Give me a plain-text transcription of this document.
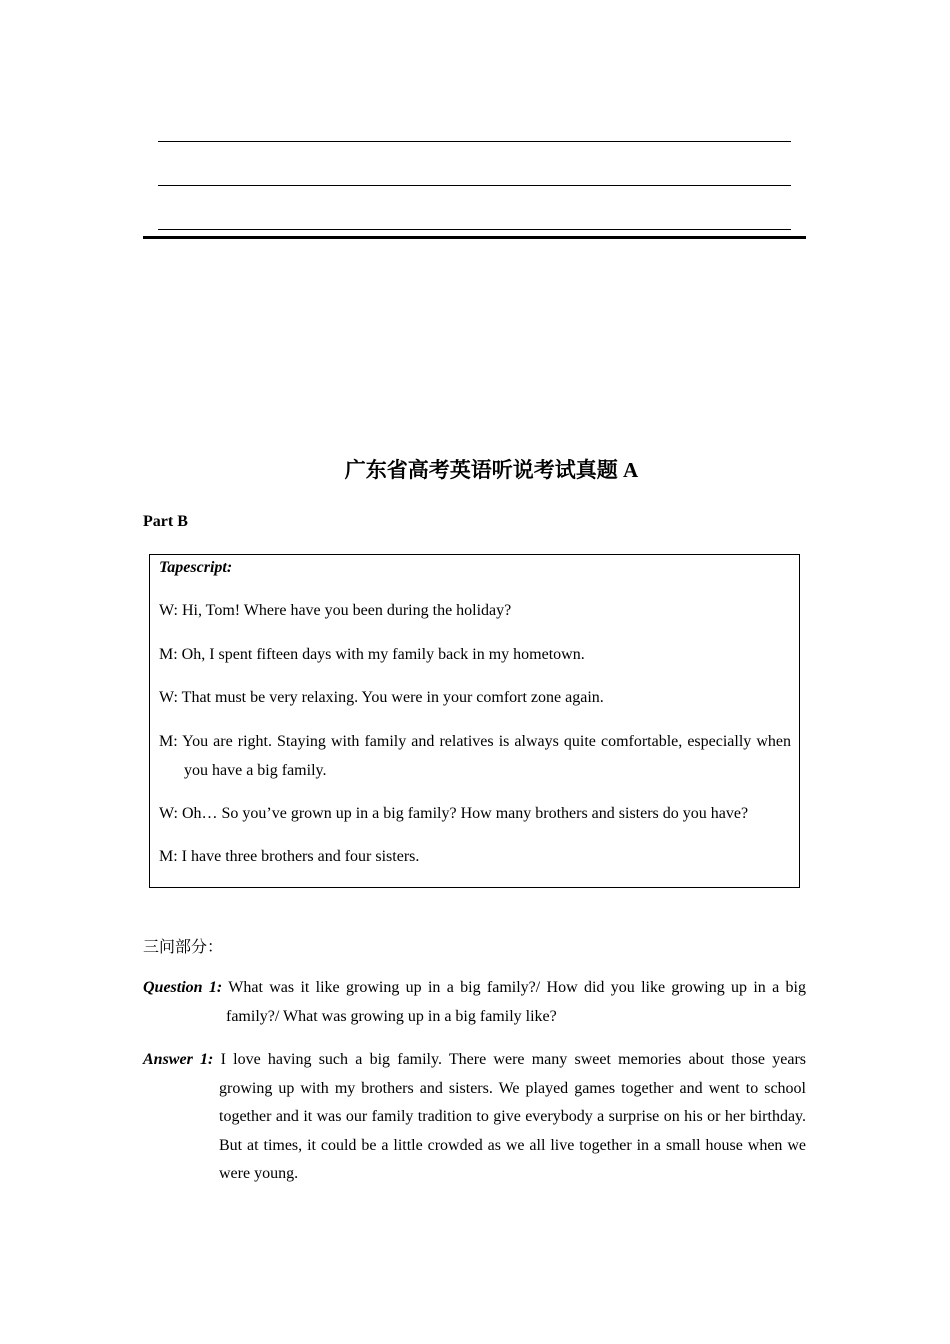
广东省高考英语听说考试真题 A
Part B
Tapescript:
W: Hi, Tom! Where have you been during the holiday?
M: Oh, I spent fifteen days with my family back in my hometown.
W: That must be very relaxing. You were in your comfort zone again.
M: You are right. Staying with family and relatives is always quite comfortable, especially when you have a big family.
W: Oh… So you’ve grown up in a big family? How many brothers and sisters do you have?
M: I have three brothers and four sisters.
三问部分：
Question 1: What was it like growing up in a big family?/ How did you like growing up in a big family?/ What was growing up in a big family like?
Answer 1: I love having such a big family. There were many sweet memories about those years growing up with my brothers and sisters. We played games together and went to school together and it was our family tradition to give everybody a surprise on his or her birthday. But at times, it could be a little crowded as we all live together in a small house when we were young.
